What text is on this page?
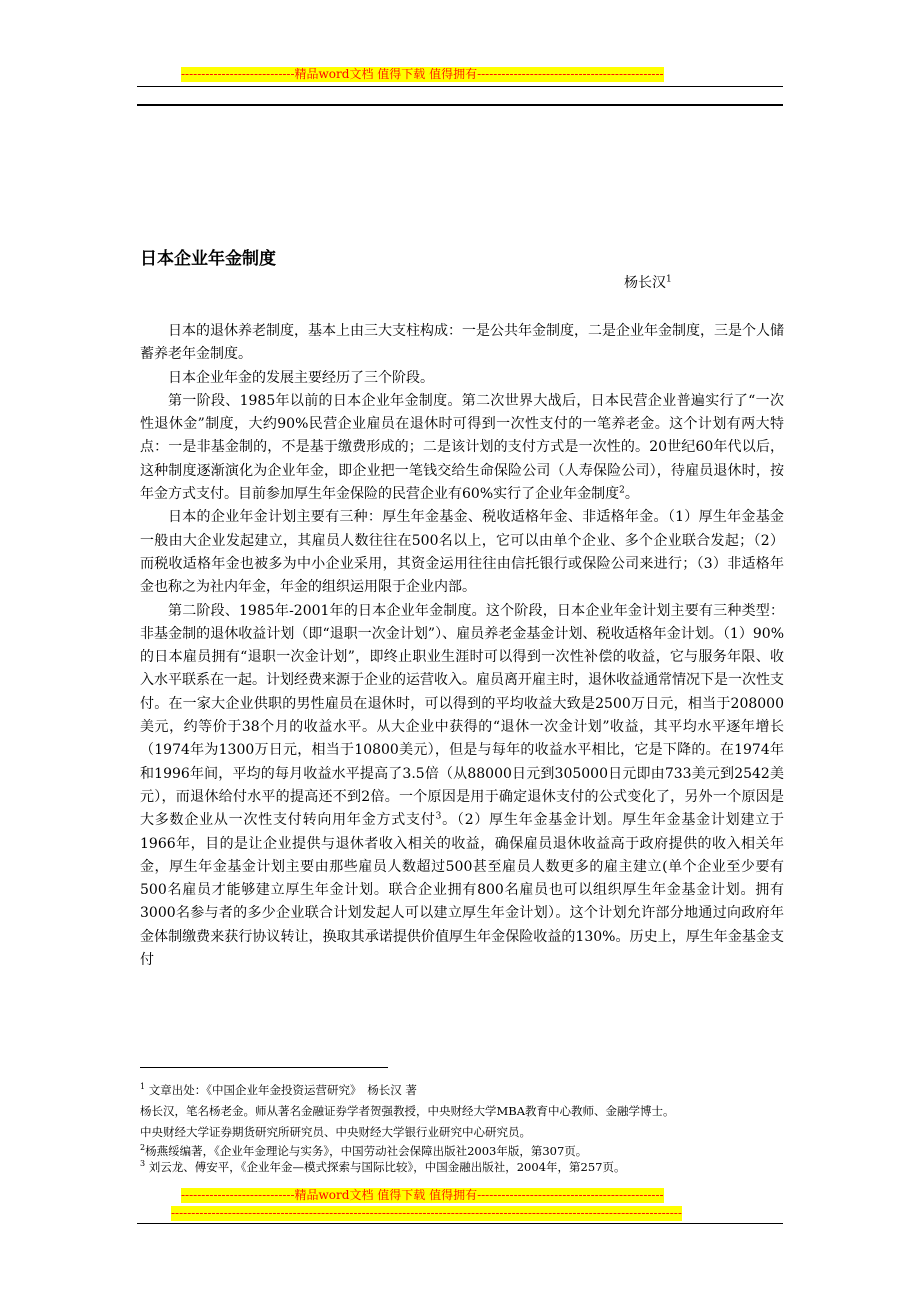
----------------------------精品word文档 值得下载 值得拥有----------------------------------------------
日本企业年金制度
杨长汉$^1$

日本的退休养老制度，基本上由三大支柱构成：一是公共年金制度，二是企业年金制度，三是个人储蓄养老年金制度。

日本企业年金的发展主要经历了三个阶段。

第一阶段、1985年以前的日本企业年金制度。第二次世界大战后，日本民营企业普遍实行了“一次性退休金”制度，大约90%民营企业雇员在退休时可得到一次性支付的一笔养老金。这个计划有两大特点：一是非基金制的，不是基于缴费形成的；二是该计划的支付方式是一次性的。20世纪60年代以后，这种制度逐渐演化为企业年金，即企业把一笔钱交给生命保险公司（人寿保险公司），待雇员退休时，按年金方式支付。目前参加厚生年金保险的民营企业有60%实行了企业年金制度$^2$。

日本的企业年金计划主要有三种：厚生年金基金、税收适格年金、非适格年金。（1）厚生年金基金一般由大企业发起建立，其雇员人数往往在500名以上，它可以由单个企业、多个企业联合发起；（2）而税收适格年金也被多为中小企业采用，其资金运用往往由信托银行或保险公司来进行；（3）非适格年金也称之为社内年金，年金的组织运用限于企业内部。

第二阶段、1985年-2001年的日本企业年金制度。这个阶段，日本企业年金计划主要有三种类型：非基金制的退休收益计划（即“退职一次金计划”）、雇员养老金基金计划、税收适格年金计划。（1）90%的日本雇员拥有“退职一次金计划”，即终止职业生涯时可以得到一次性补偿的收益，它与服务年限、收入水平联系在一起。计划经费来源于企业的运营收入。雇员离开雇主时，退休收益通常情况下是一次性支付。在一家大企业供职的男性雇员在退休时，可以得到的平均收益大致是2500万日元，相当于208000美元，约等价于38个月的收益水平。从大企业中获得的“退休一次金计划”收益，其平均水平逐年增长（1974年为1300万日元，相当于10800美元），但是与每年的收益水平相比，它是下降的。在1974年和1996年间，平均的每月收益水平提高了3.5倍（从88000日元到305000日元即由733美元到2542美元），而退休给付水平的提高还不到2倍。一个原因是用于确定退休支付的公式变化了，另外一个原因是大多数企业从一次性支付转向用年金方式支付$^3$。（2）厚生年金基金计划。厚生年金基金计划建立于1966年，目的是让企业提供与退休者收入相关的收益，确保雇员退休收益高于政府提供的收入相关年金，厚生年金基金计划主要由那些雇员人数超过500甚至雇员人数更多的雇主建立(单个企业至少要有500名雇员才能够建立厚生年金计划。联合企业拥有800名雇员也可以组织厚生年金基金计划。拥有3000名参与者的多少企业联合计划发起人可以建立厚生年金计划）。这个计划允许部分地通过向政府年金体制缴费来获行协议转让，换取其承诺提供价值厚生年金保险收益的130%。历史上，厚生年金基金支付

$^1$ 文章出处：《中国企业年金投资运营研究》　杨长汉 著
杨长汉，笔名杨老金。师从著名金融证券学者贺强教授，中央财经大学MBA教育中心教师、金融学博士。
中央财经大学证券期货研究所研究员、中央财经大学银行业研究中心研究员。
$^2$杨燕绥编著，《企业年金理论与实务》，中国劳动社会保障出版社2003年版，第307页。
$^3$ 刘云龙、傅安平，《企业年金—模式探索与国际比较》，中国金融出版社，2004年，第257页。
----------------------------精品word文档 值得下载 值得拥有----------------------------------------------
------------------------------------------------------------------------------------------------------------------------------
